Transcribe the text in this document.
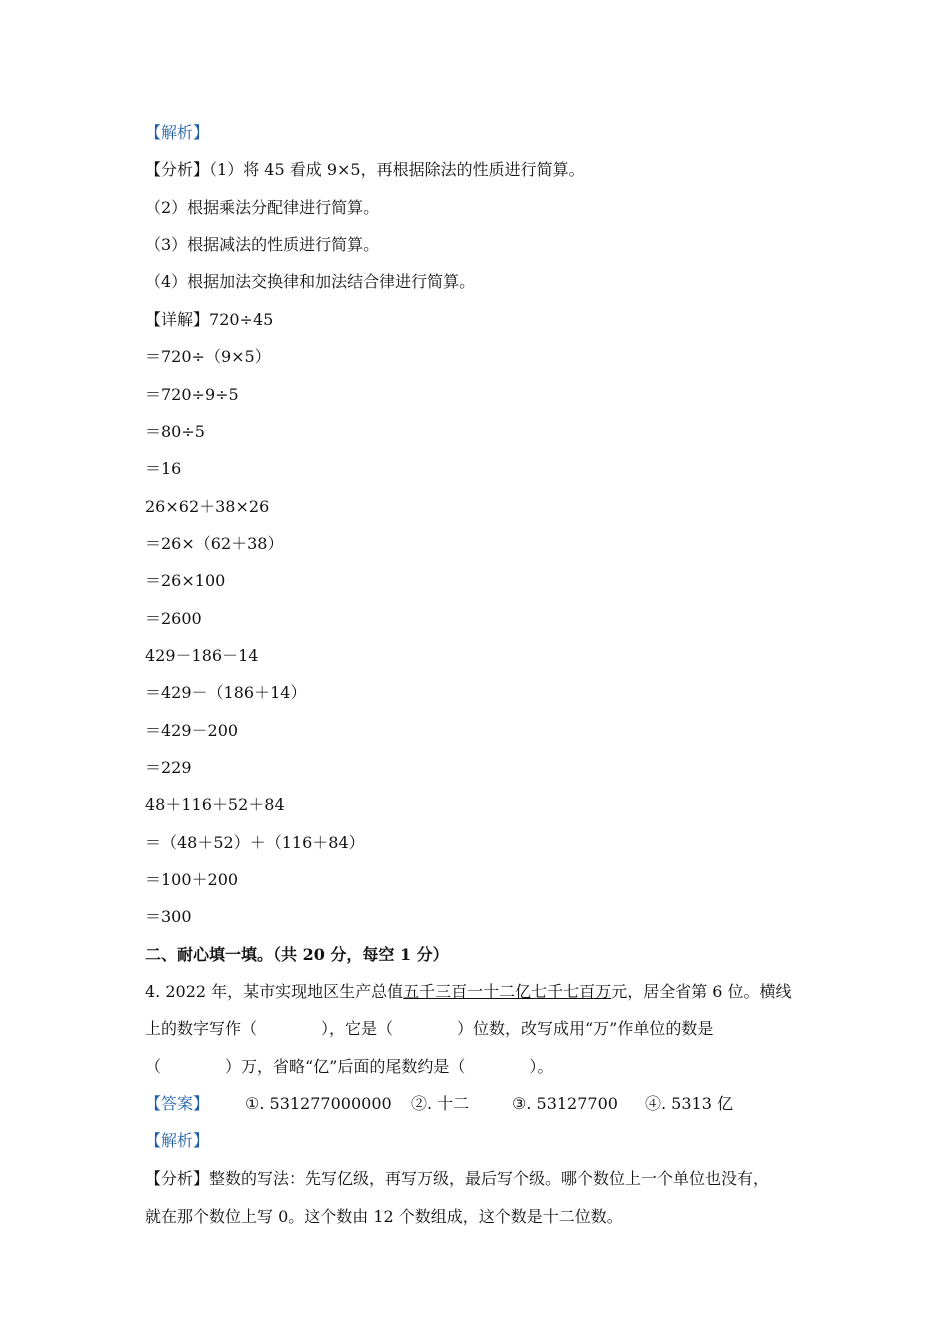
【解析】
【分析】（1）将 45 看成 9×5，再根据除法的性质进行简算。
（2）根据乘法分配律进行简算。
（3）根据减法的性质进行简算。
（4）根据加法交换律和加法结合律进行简算。
【详解】720÷45
＝720÷（9×5）
＝720÷9÷5
＝80÷5
＝16
26×62＋38×26
＝26×（62＋38）
＝26×100
＝2600
429－186－14
＝429－（186＋14）
＝429－200
＝229
48＋116＋52＋84
＝（48＋52）＋（116＋84）
＝100＋200
＝300
二、耐心填一填。（共 20 分，每空 1 分）
4. 2022 年，某市实现地区生产总值五千三百一十二亿七千七百万元，居全省第 6 位。横线
上的数字写作（　　　　），它是（　　　　）位数，改写成用“万”作单位的数是
（　　　　）万，省略“亿”后面的尾数约是（　　　　）。
【答案】 ①. 531277000000 ②. 十二	③. 53127700 ④. 5313 亿
【解析】
【分析】整数的写法：先写亿级，再写万级，最后写个级。哪个数位上一个单位也没有，
就在那个数位上写 0。这个数由 12 个数组成，这个数是十二位数。
